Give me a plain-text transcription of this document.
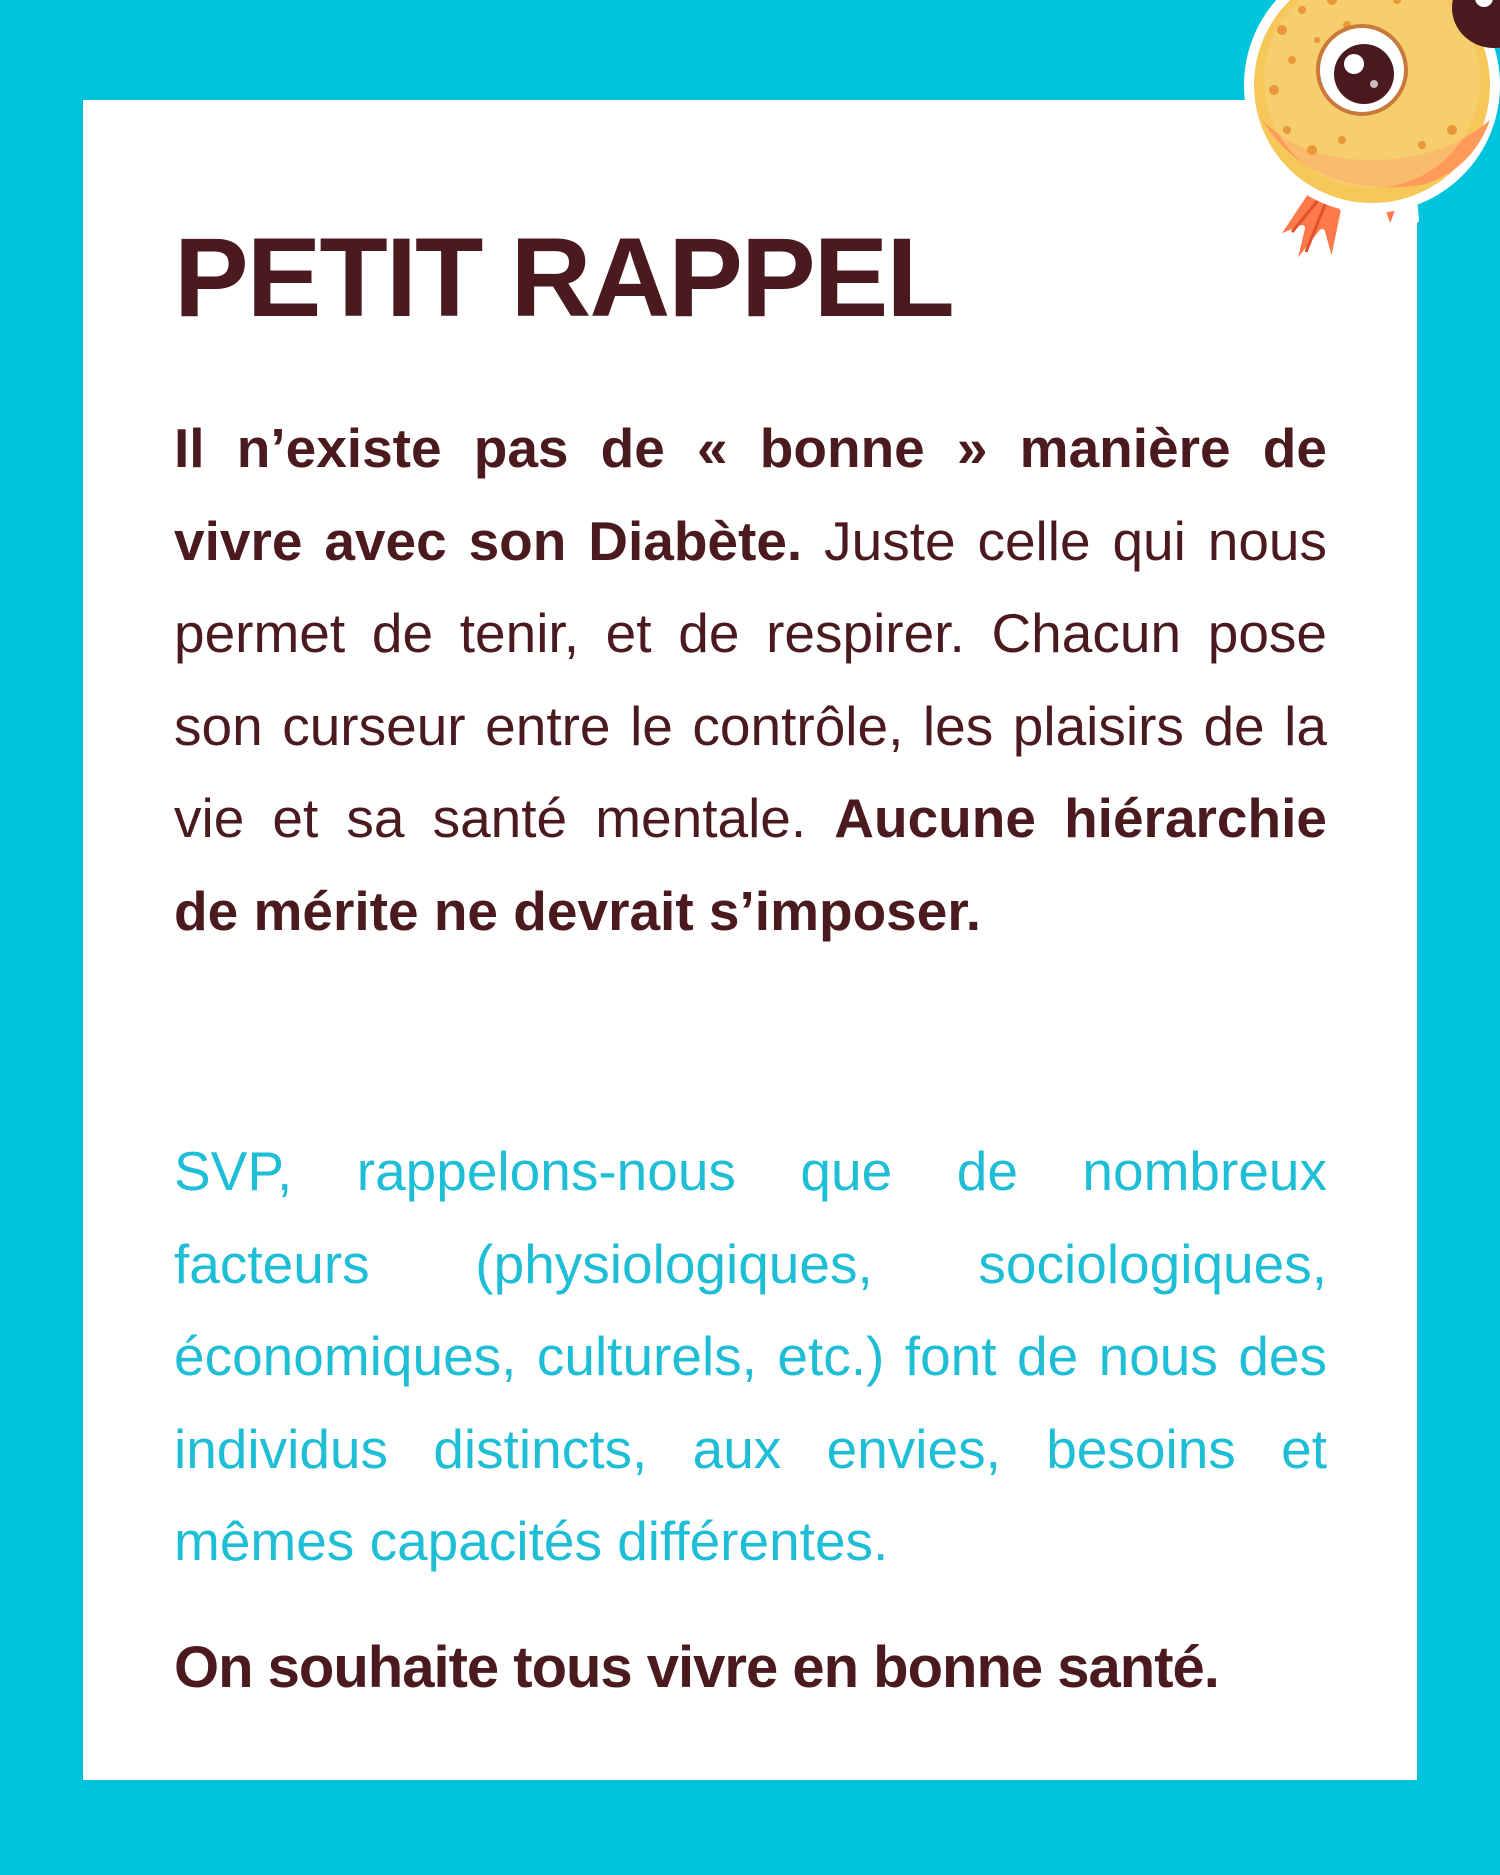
PETIT RAPPEL

Il n’existe pas de « bonne » manière de vivre avec son Diabète. Juste celle qui nous permet de tenir, et de respirer. Chacun pose son curseur entre le contrôle, les plaisirs de la vie et sa santé mentale. Aucune hiérarchie de mérite ne devrait s’imposer.

SVP, rappelons-nous que de nombreux facteurs (physiologiques, sociologiques, économiques, culturels, etc.) font de nous des individus distincts, aux envies, besoins et mêmes capacités différentes.

On souhaite tous vivre en bonne santé.
